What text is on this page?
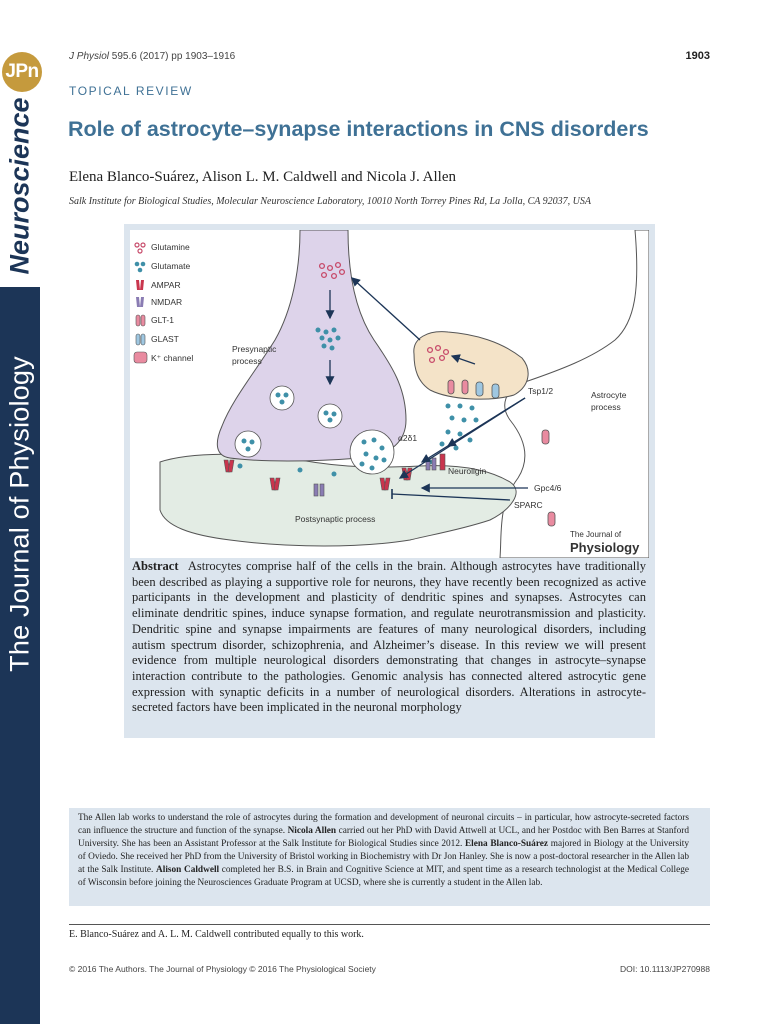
JPn
Neuroscience
The Journal of Physiology
J Physiol 595.6 (2017) pp 1903–1916	1903
TOPICAL REVIEW
Role of astrocyte–synapse interactions in CNS disorders
Elena Blanco-Suárez, Alison L. M. Caldwell and Nicola J. Allen
Salk Institute for Biological Studies, Molecular Neuroscience Laboratory, 10010 North Torrey Pines Rd, La Jolla, CA 92037, USA
Glutamine
Glutamate
AMPAR
NMDAR
GLT-1
GLAST
K⁺ channel
Presynaptic
process
Astrocyte
process
Postsynaptic process
Tsp1/2
α2δ1
Neuroligin
Gpc4/6
SPARC
The Journal of
Physiology
Abstract Astrocytes comprise half of the cells in the brain. Although astrocytes have traditionally been described as playing a supportive role for neurons, they have recently been recognized as active participants in the development and plasticity of dendritic spines and synapses. Astrocytes can eliminate dendritic spines, induce synapse formation, and regulate neurotransmission and plasticity. Dendritic spine and synapse impairments are features of many neurological disorders, including autism spectrum disorder, schizophrenia, and Alzheimer’s disease. In this review we will present evidence from multiple neurological disorders demonstrating that changes in astrocyte–synapse interaction contribute to the pathologies. Genomic analysis has connected altered astrocytic gene expression with synaptic deficits in a number of neurological disorders. Alterations in astrocyte-secreted factors have been implicated in the neuronal morphology
The Allen lab works to understand the role of astrocytes during the formation and development of neuronal circuits – in particular, how astrocyte-secreted factors can influence the structure and function of the synapse. Nicola Allen carried out her PhD with David Attwell at UCL, and her Postdoc with Ben Barres at Stanford University. She has been an Assistant Professor at the Salk Institute for Biological Studies since 2012. Elena Blanco-Suárez majored in Biology at the University of Oviedo. She received her PhD from the University of Bristol working in Biochemistry with Dr Jon Hanley. She is now a post-doctoral researcher in the Allen lab at the Salk Institute. Alison Caldwell completed her B.S. in Brain and Cognitive Science at MIT, and spent time as a research technologist at the Medical College of Wisconsin before joining the Neurosciences Graduate Program at UCSD, where she is currently a student in the Allen lab.
E. Blanco-Suárez and A. L. M. Caldwell contributed equally to this work.
© 2016 The Authors. The Journal of Physiology © 2016 The Physiological Society	DOI: 10.1113/JP270988
